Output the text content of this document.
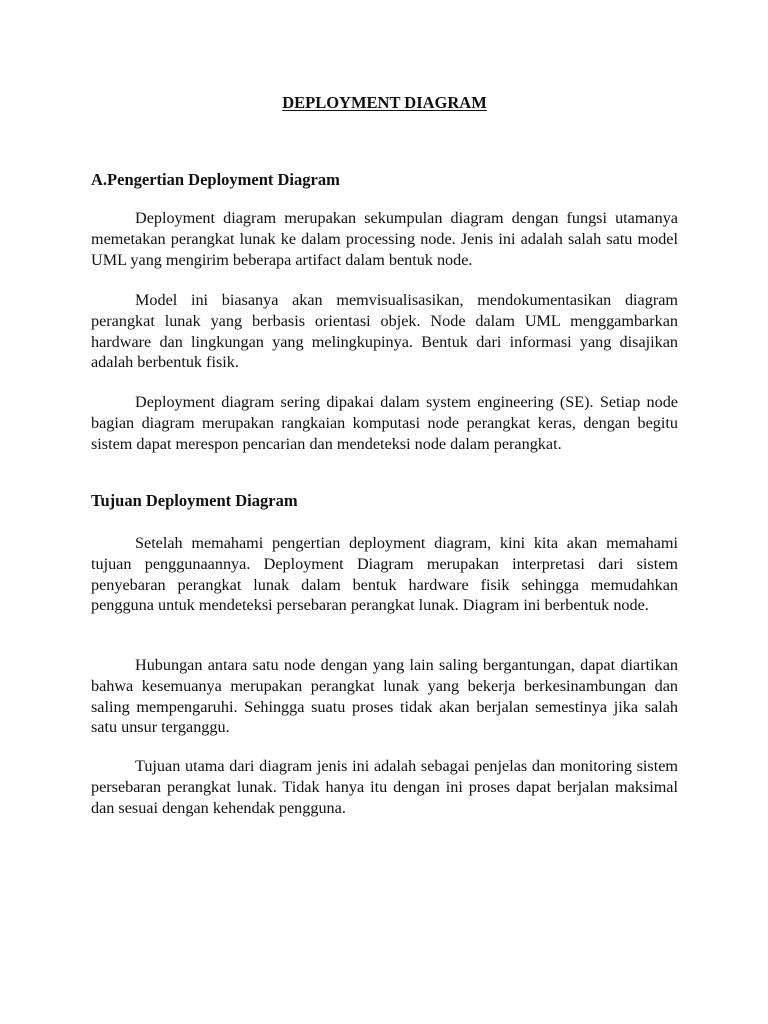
DEPLOYMENT DIAGRAM
A.Pengertian Deployment Diagram

Deployment diagram merupakan sekumpulan diagram dengan fungsi utamanya memetakan perangkat lunak ke dalam processing node. Jenis ini adalah salah satu model UML yang mengirim beberapa artifact dalam bentuk node.

Model ini biasanya akan memvisualisasikan, mendokumentasikan diagram perangkat lunak yang berbasis orientasi objek. Node dalam UML menggambarkan hardware dan lingkungan yang melingkupinya. Bentuk dari informasi yang disajikan adalah berbentuk fisik.

Deployment diagram sering dipakai dalam system engineering (SE). Setiap node bagian diagram merupakan rangkaian komputasi node perangkat keras, dengan begitu sistem dapat merespon pencarian dan mendeteksi node dalam perangkat.

Tujuan Deployment Diagram

Setelah memahami pengertian deployment diagram, kini kita akan memahami tujuan penggunaannya. Deployment Diagram merupakan interpretasi dari sistem penyebaran perangkat lunak dalam bentuk hardware fisik sehingga memudahkan pengguna untuk mendeteksi persebaran perangkat lunak. Diagram ini berbentuk node.

Hubungan antara satu node dengan yang lain saling bergantungan, dapat diartikan bahwa kesemuanya merupakan perangkat lunak yang bekerja berkesinambungan dan saling mempengaruhi. Sehingga suatu proses tidak akan berjalan semestinya jika salah satu unsur terganggu.

Tujuan utama dari diagram jenis ini adalah sebagai penjelas dan monitoring sistem persebaran perangkat lunak. Tidak hanya itu dengan ini proses dapat berjalan maksimal dan sesuai dengan kehendak pengguna.
